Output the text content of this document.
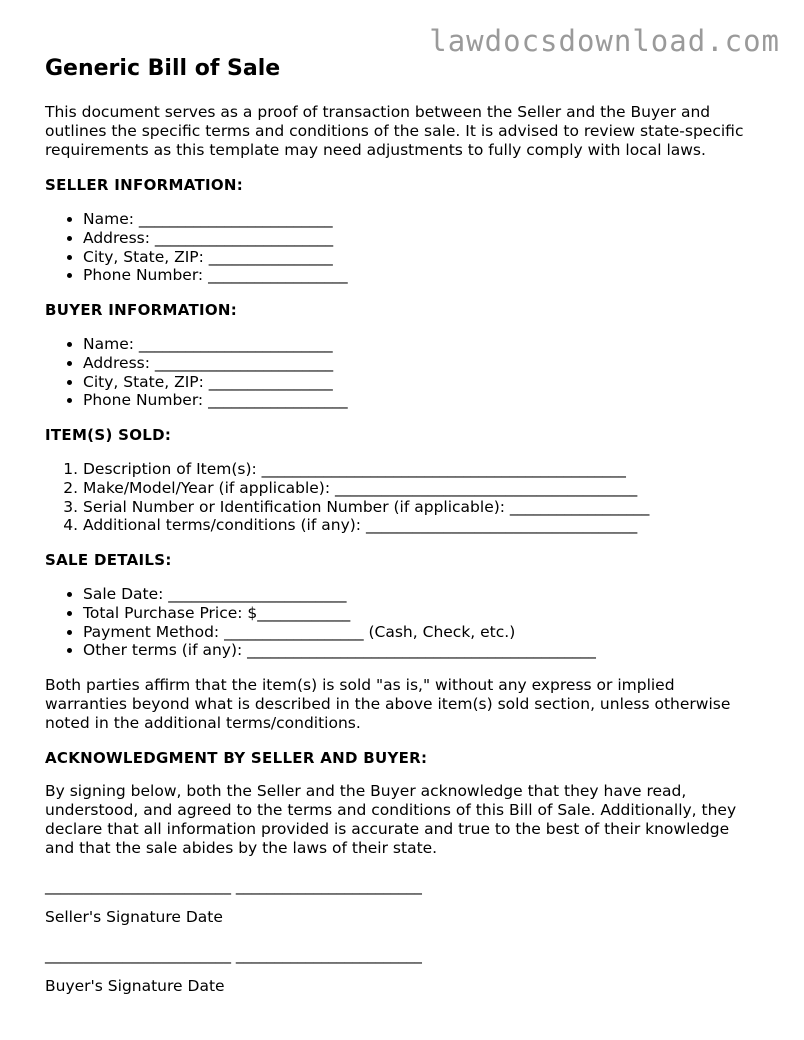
lawdocsdownload.com
Generic Bill of Sale

This document serves as a proof of transaction between the Seller and the Buyer and outlines the specific terms and conditions of the sale. It is advised to review state-specific requirements as this template may need adjustments to fully comply with local laws.

SELLER INFORMATION:
• Name: _________________________
• Address: _______________________
• City, State, ZIP: ________________
• Phone Number: __________________
BUYER INFORMATION:
• Name: _________________________
• Address: _______________________
• City, State, ZIP: ________________
• Phone Number: __________________
ITEM(S) SOLD:
1. Description of Item(s): _______________________________________________
2. Make/Model/Year (if applicable): _______________________________________
3. Serial Number or Identification Number (if applicable): __________________
4. Additional terms/conditions (if any): ___________________________________
SALE DETAILS:
• Sale Date: _______________________
• Total Purchase Price: $____________
• Payment Method: __________________ (Cash, Check, etc.)
• Other terms (if any): _____________________________________________

Both parties affirm that the item(s) is sold "as is," without any express or implied warranties beyond what is described in the above item(s) sold section, unless otherwise noted in the additional terms/conditions.

ACKNOWLEDGMENT BY SELLER AND BUYER:

By signing below, both the Seller and the Buyer acknowledge that they have read, understood, and agreed to the terms and conditions of this Bill of Sale. Additionally, they declare that all information provided is accurate and true to the best of their knowledge and that the sale abides by the laws of their state.

________________________ ________________________
Seller's Signature Date
________________________ ________________________
Buyer's Signature Date
